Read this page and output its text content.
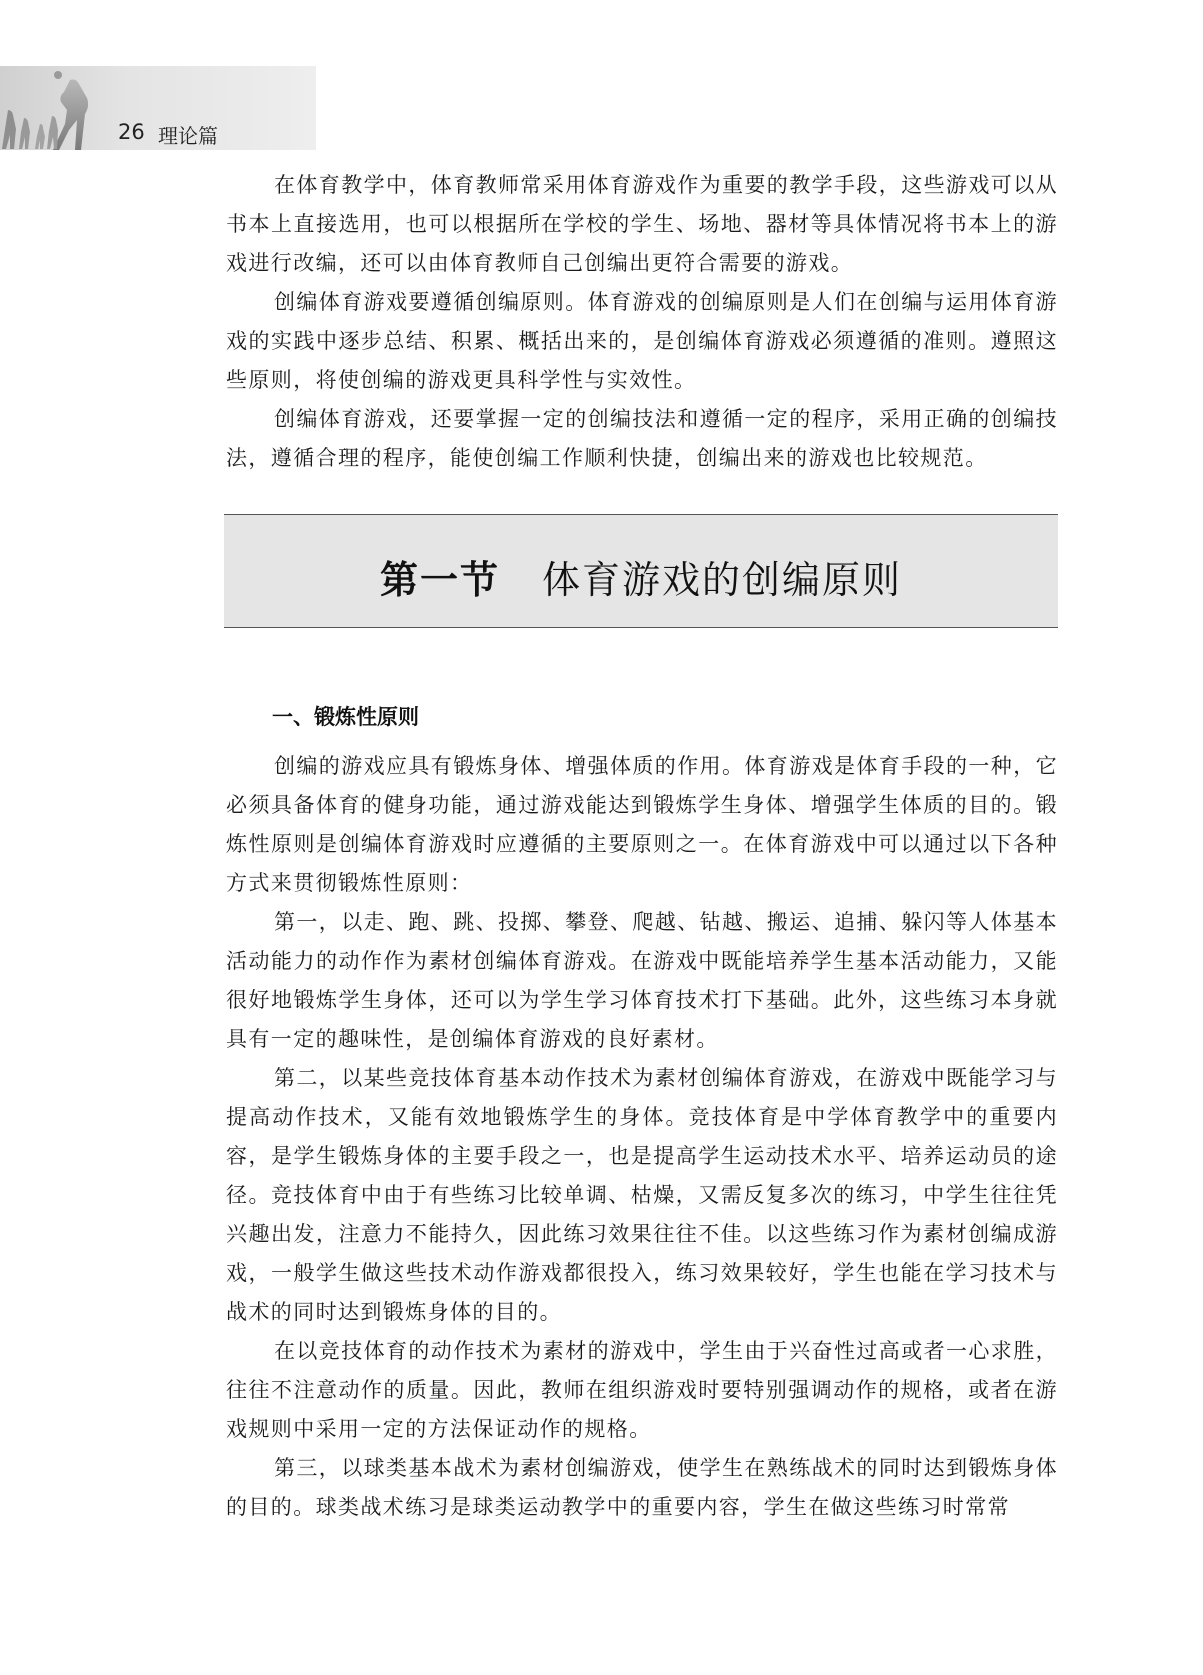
26 理论篇

在体育教学中，体育教师常采用体育游戏作为重要的教学手段，这些游戏可以从书本上直接选用，也可以根据所在学校的学生、场地、器材等具体情况将书本上的游戏进行改编，还可以由体育教师自己创编出更符合需要的游戏。

创编体育游戏要遵循创编原则。体育游戏的创编原则是人们在创编与运用体育游戏的实践中逐步总结、积累、概括出来的，是创编体育游戏必须遵循的准则。遵照这些原则，将使创编的游戏更具科学性与实效性。

创编体育游戏，还要掌握一定的创编技法和遵循一定的程序，采用正确的创编技法，遵循合理的程序，能使创编工作顺利快捷，创编出来的游戏也比较规范。

第一节 体育游戏的创编原则
一、锻炼性原则

创编的游戏应具有锻炼身体、增强体质的作用。体育游戏是体育手段的一种，它必须具备体育的健身功能，通过游戏能达到锻炼学生身体、增强学生体质的目的。锻炼性原则是创编体育游戏时应遵循的主要原则之一。在体育游戏中可以通过以下各种方式来贯彻锻炼性原则：

第一，以走、跑、跳、投掷、攀登、爬越、钻越、搬运、追捕、躲闪等人体基本活动能力的动作作为素材创编体育游戏。在游戏中既能培养学生基本活动能力，又能很好地锻炼学生身体，还可以为学生学习体育技术打下基础。此外，这些练习本身就具有一定的趣味性，是创编体育游戏的良好素材。

第二，以某些竞技体育基本动作技术为素材创编体育游戏，在游戏中既能学习与提高动作技术，又能有效地锻炼学生的身体。竞技体育是中学体育教学中的重要内容，是学生锻炼身体的主要手段之一，也是提高学生运动技术水平、培养运动员的途径。竞技体育中由于有些练习比较单调、枯燥，又需反复多次的练习，中学生往往凭兴趣出发，注意力不能持久，因此练习效果往往不佳。以这些练习作为素材创编成游戏，一般学生做这些技术动作游戏都很投入，练习效果较好，学生也能在学习技术与战术的同时达到锻炼身体的目的。

在以竞技体育的动作技术为素材的游戏中，学生由于兴奋性过高或者一心求胜，往往不注意动作的质量。因此，教师在组织游戏时要特别强调动作的规格，或者在游戏规则中采用一定的方法保证动作的规格。

第三，以球类基本战术为素材创编游戏，使学生在熟练战术的同时达到锻炼身体的目的。球类战术练习是球类运动教学中的重要内容，学生在做这些练习时常常
